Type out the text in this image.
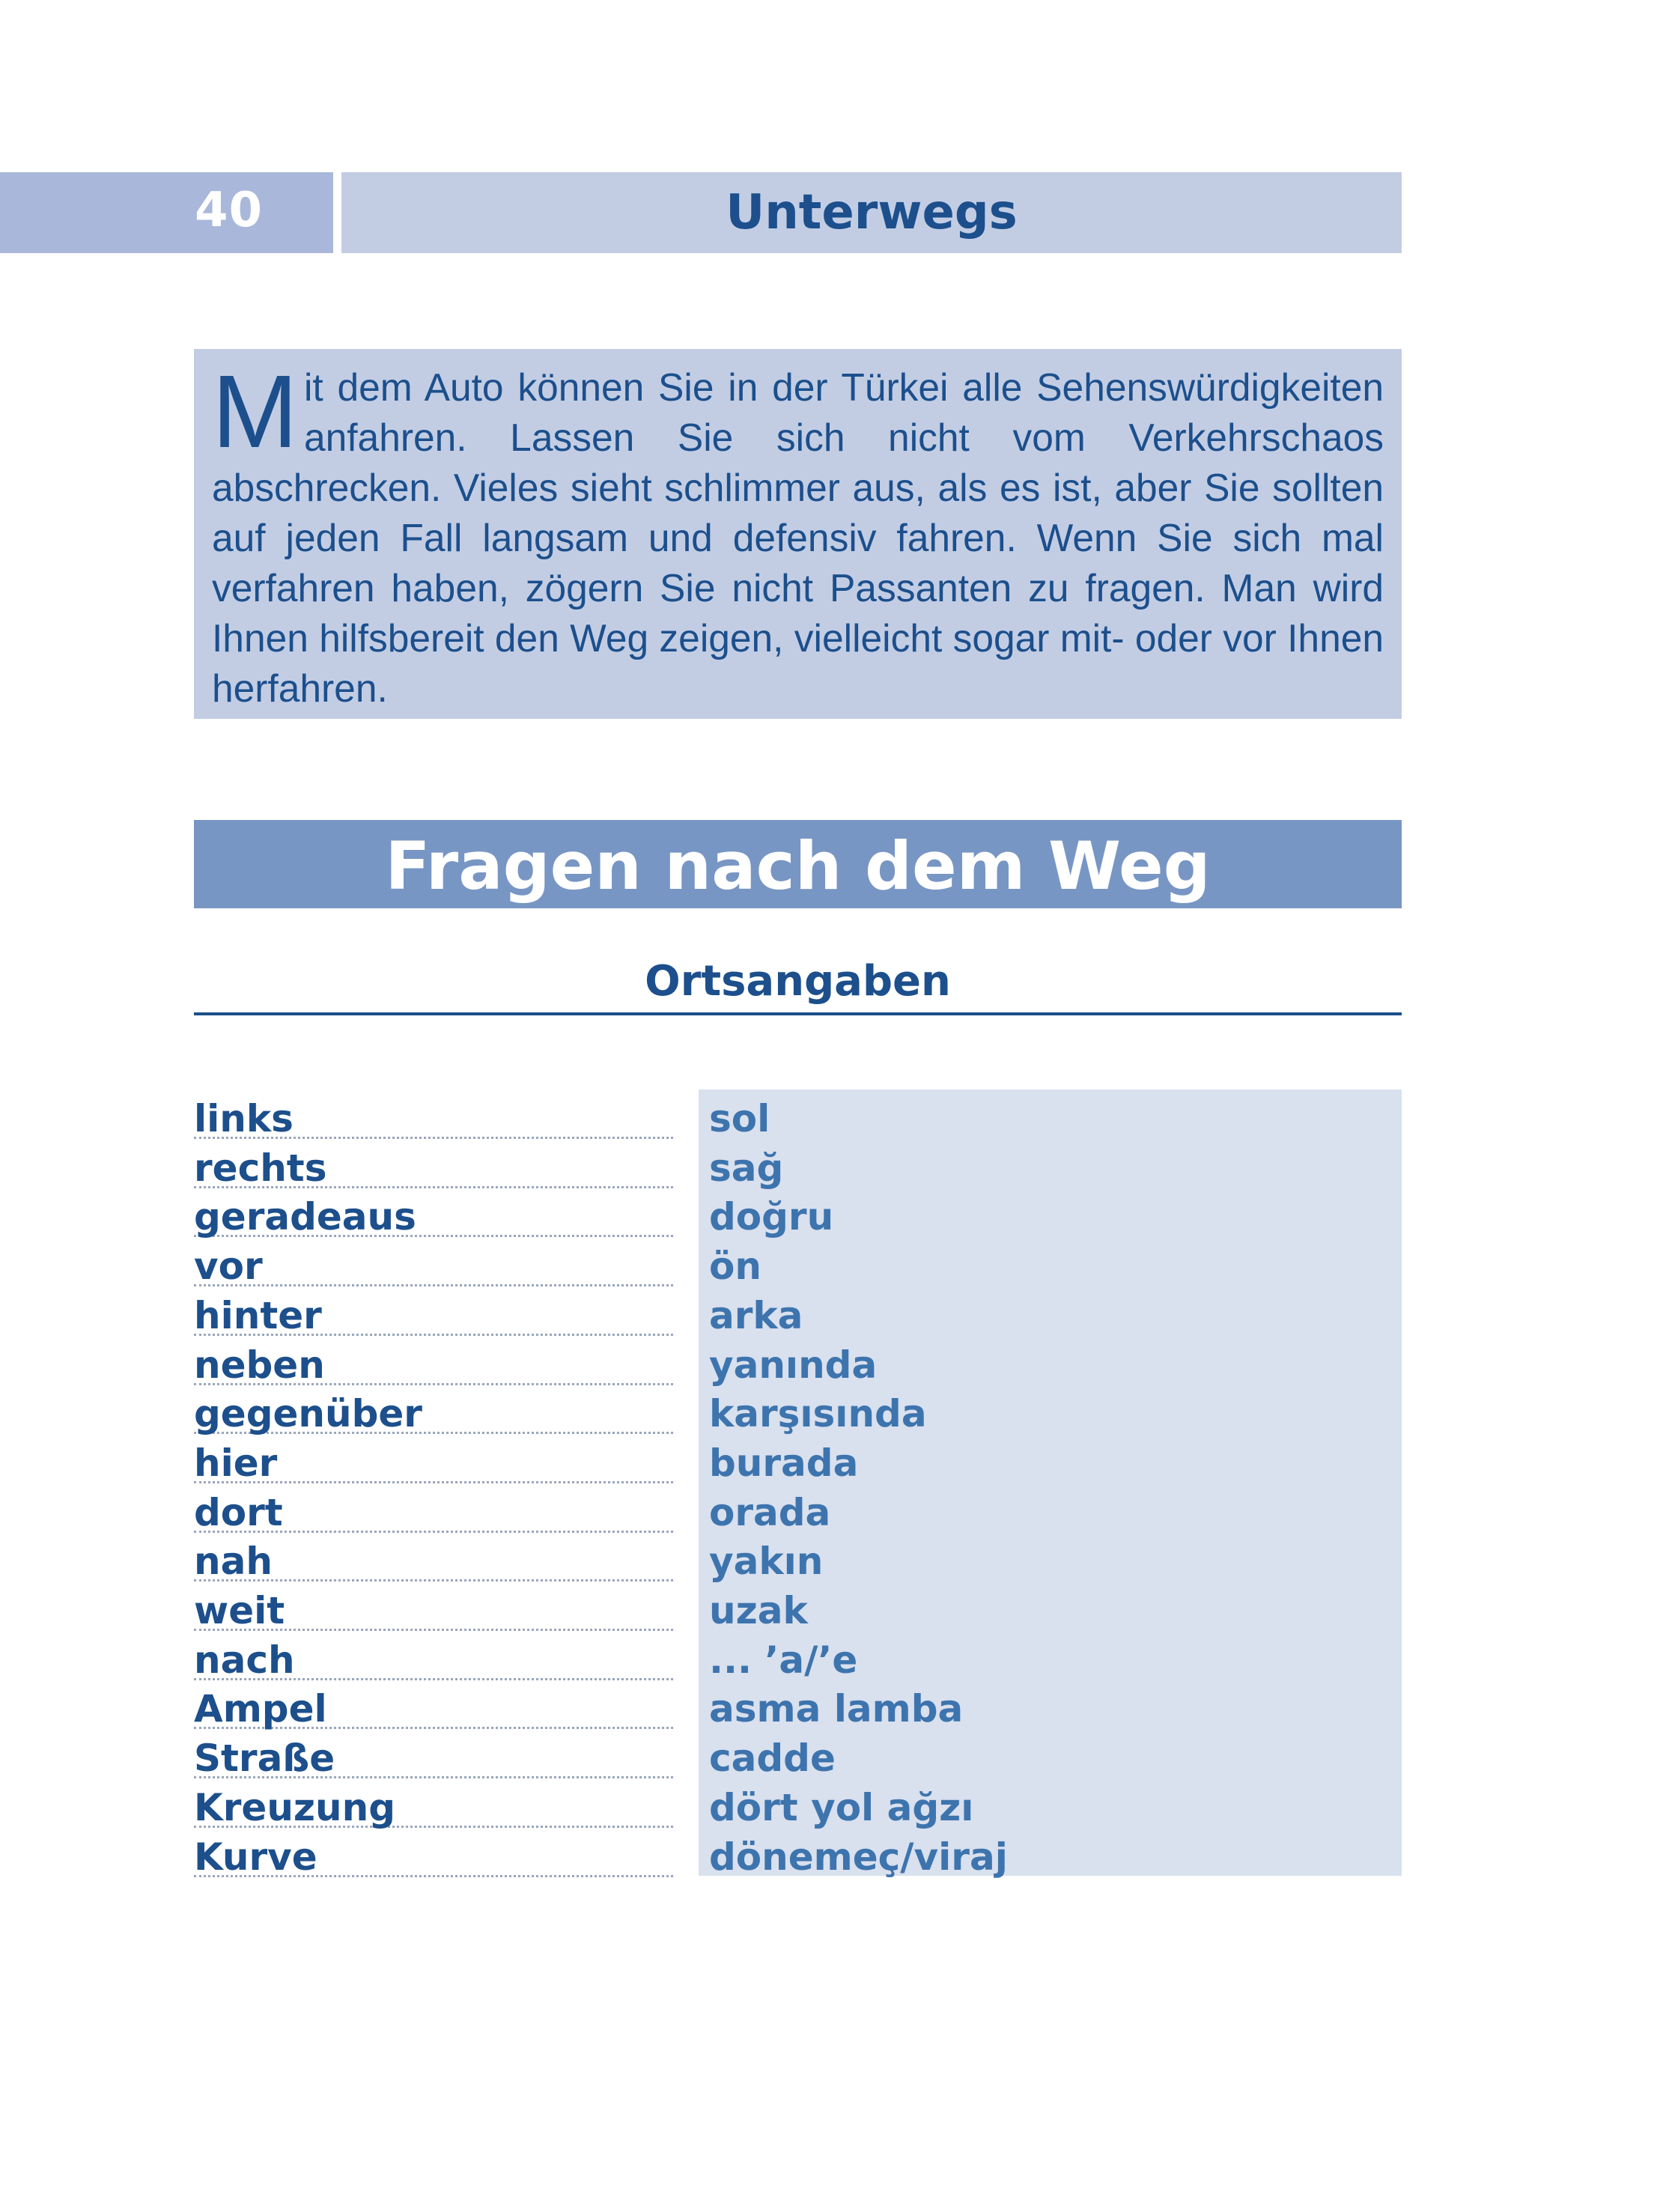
40	Unterwegs

Mit dem Auto können Sie in der Türkei alle Sehenswürdigkeiten anfahren. Lassen Sie sich nicht vom Verkehrschaos abschrecken. Vieles sieht schlimmer aus, als es ist, aber Sie sollten auf jeden Fall langsam und defensiv fahren. Wenn Sie sich mal verfahren haben, zögern Sie nicht Passanten zu fragen. Man wird Ihnen hilfsbereit den Weg zeigen, vielleicht sogar mit- oder vor Ihnen herfahren.

Fragen nach dem Weg
Ortsangaben
links	sol
rechts	sağ
geradeaus	doğru
vor	ön
hinter	arka
neben	yanında
gegenüber	karşısında
hier	burada
dort	orada
nah	yakın
weit	uzak
nach	... ’a/’e
Ampel	asma lamba
Straße	cadde
Kreuzung	dört yol ağzı
Kurve	dönemeç/viraj
